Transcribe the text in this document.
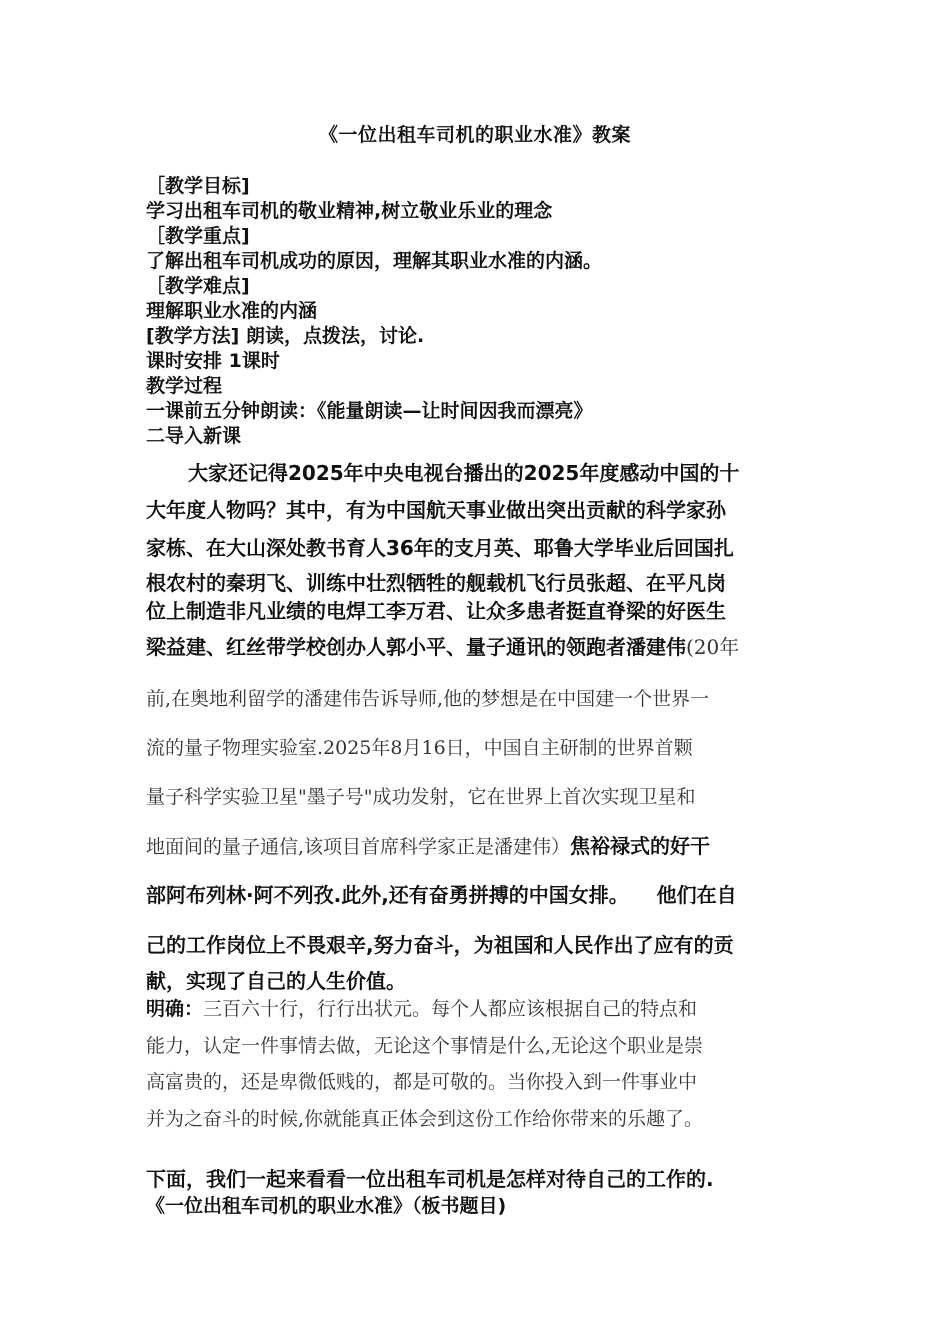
《一位出租车司机的职业水准》教案
［教学目标]
学习出租车司机的敬业精神,树立敬业乐业的理念
［教学重点]
了解出租车司机成功的原因，理解其职业水准的内涵。
［教学难点]
理解职业水准的内涵
[教学方法] 朗读，点拨法，讨论.
课时安排 1课时
教学过程
一课前五分钟朗读：《能量朗读—让时间因我而漂亮》
二导入新课
大家还记得2025年中央电视台播出的2025年度感动中国的十
大年度人物吗？其中，有为中国航天事业做出突出贡献的科学家孙
家栋、在大山深处教书育人36年的支月英、耶鲁大学毕业后回国扎
根农村的秦玥飞、训练中壮烈牺牲的舰载机飞行员张超、在平凡岗
位上制造非凡业绩的电焊工李万君、让众多患者挺直脊梁的好医生
梁益建、红丝带学校创办人郭小平、量子通讯的领跑者潘建伟(20年
前,在奥地利留学的潘建伟告诉导师,他的梦想是在中国建一个世界一
流的量子物理实验室.2025年8月16日，中国自主研制的世界首颗
量子科学实验卫星"墨子号"成功发射，它在世界上首次实现卫星和
地面间的量子通信,该项目首席科学家正是潘建伟）焦裕禄式的好干
部阿布列林·阿不列孜.此外,还有奋勇拼搏的中国女排。    他们在自
己的工作岗位上不畏艰辛,努力奋斗，为祖国和人民作出了应有的贡
献，实现了自己的人生价值。
明确：三百六十行，行行出状元。每个人都应该根据自己的特点和
能力，认定一件事情去做，无论这个事情是什么,无论这个职业是崇
高富贵的，还是卑微低贱的，都是可敬的。当你投入到一件事业中
并为之奋斗的时候,你就能真正体会到这份工作给你带来的乐趣了。
下面，我们一起来看看一位出租车司机是怎样对待自己的工作的.
《一位出租车司机的职业水准》（板书题目)
